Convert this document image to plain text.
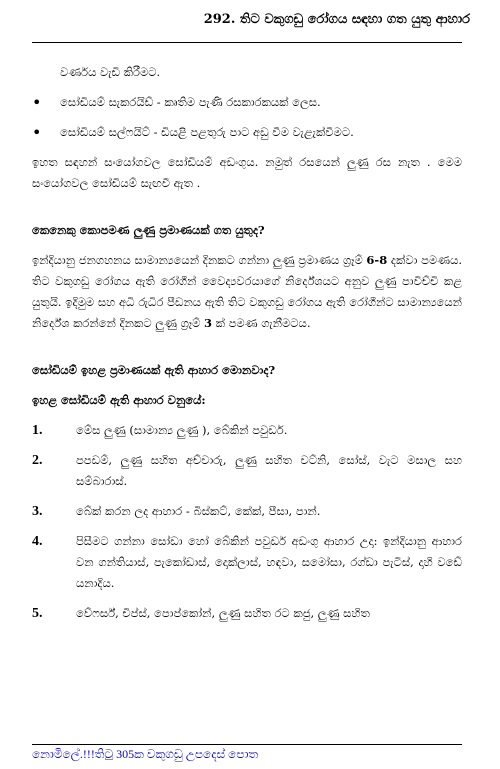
292. තිට වකුගඩු රෝගය සඳහා ගත යුතු ආහාර

වර්ණය වැඩි කිරීමට.

•	සෝඩියම් සැකරයිඩ් - කෘතිම පැණි රසකාරකයක් ලෙස.
•	සෝඩියම් සල්ෆයිට් - ඩියළි පළතුරු පාට අඩු වීම වැළැක්වීමට.

ඉහත සඳහන් සංයෝගවල සෝඩියම් අඩංගුය. නමුත් රසයෙන් ලුණු රස නැත . මෙම සංයෝගවල සෝඩියම් සැඟවී ඇත .

කෙනෙකු කොපමණ ලුණු ප්‍රමාණයක් ගත යුතුද?

ඉන්දියානු ජනගහනය සාමාන්‍යයෙන් දිනකට ගන්නා ලුණු ප්‍රමාණය ග්‍රෑම් 6-8 දක්වා පමණය. තිට වකුගඩු රෝගය ඇති රෝගීන් වෛද්‍යවරයාගේ නිර්දේශයට අනුව ලුණු පාවිච්චි කළ යුතුයි. ඉදිමුම සහ අධි රුධිර පීඩනය ඇති තිට වකුගඩු රෝගය ඇති රෝගීන්ට සාමාන්‍යයෙන් නිර්දේශ කරන්නේ දිනකට ලුණු ග්‍රෑම් 3 ක් පමණ ගැනීමටය.

සෝඩියම් ඉහළ ප්‍රමාණයක් ඇති ආහාර මොනවාද?

ඉහළ සෝඩියම් ඇති ආහාර වනුයේ:

1.	මේස ලුණු (සාමාන්‍ය ලුණු ), බේකින් පවුඩර්.
2.	පපඩම්, ලුණු සහිත අච්චාරු, ලුණු සහිත චට්නි, සෝස්, වැට මසාල සහ සම්බාරාස්.
3.	බේක් කරන ලද ආහාර - බිස්කට්, කේක්, පීසා, පාන්.
4.	පිසීමට ගන්නා සෝඩා හෝ බේකින් පවුඩර් අඩංගු ආහාර උදා: ඉන්දියානු ආහාර වන ගන්තියාස්, පැකෝඩාස්, දොක්ලාස්, හඳවා, සමෝසා, රග්ඩා පැටිස්, දාහි වඩේ යනාදිය.
5.	වේෆර්ස්, චිප්ස්, පොප්කෝන්, ලුණු සහිත රට කජු, ලුණු සහිත
නොමිලේ.!!!තිටු 305ක වකුගඩු උපදෙස් පොත
